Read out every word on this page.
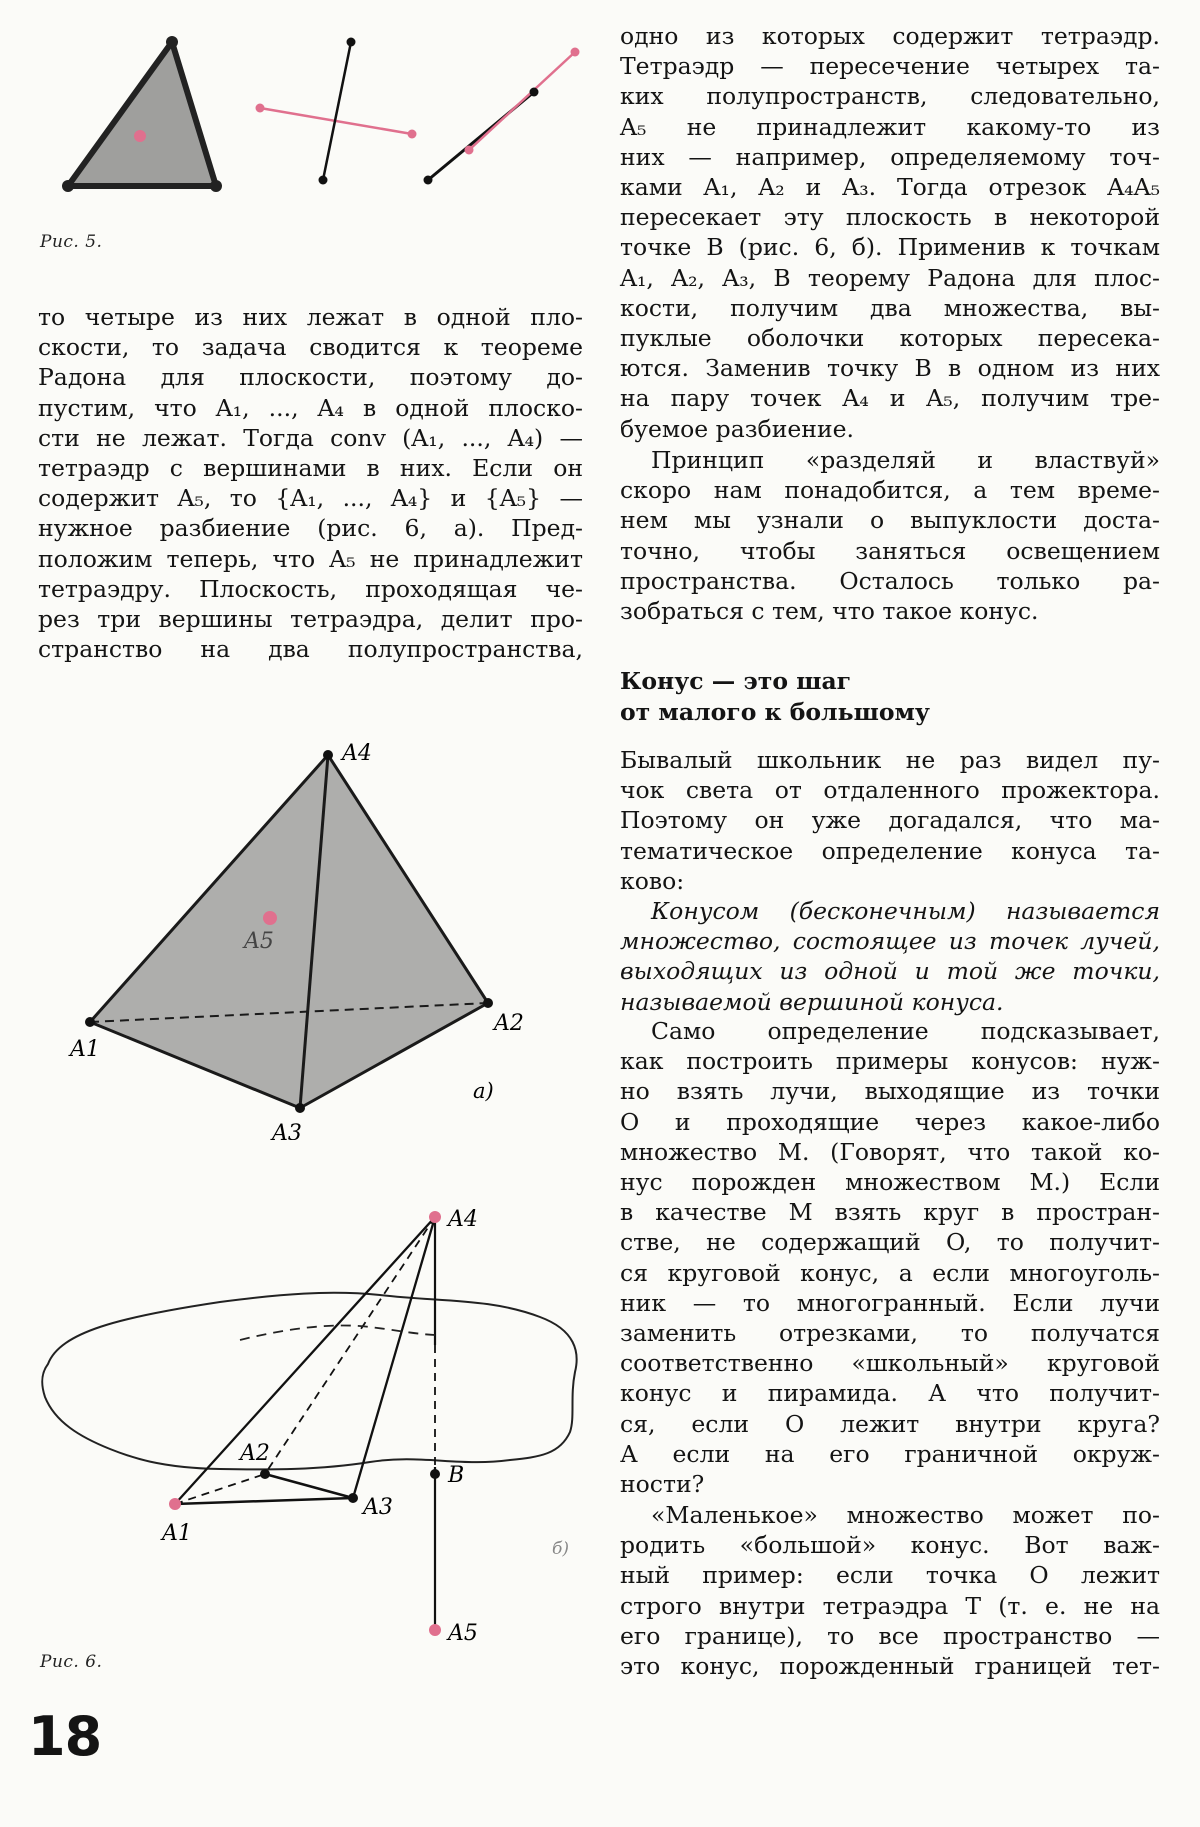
Рис. 5.

то четыре из них лежат в одной пло-
скости, то задача сводится к теореме
Радона для плоскости, поэтому до-
пустим, что A₁, ..., A₄ в одной плоско-
сти не лежат. Тогда conv (A₁, ..., A₄) —
тетраэдр с вершинами в них. Если он
содержит A₅, то {A₁, ..., A₄} и {A₅} —
нужное разбиение (рис. 6, а). Пред-
положим теперь, что A₅ не принадлежит
тетраэдру. Плоскость, проходящая че-
рез три вершины тетраэдра, делит про-
странство на два полупространства,

A4
A5
A1
A2
A3
а)
A4
A2
B
A1
A3
A5
б)
Рис. 6.
18

одно из которых содержит тетраэдр.
Тетраэдр — пересечение четырех та-
ких полупространств, следовательно,
A₅ не принадлежит какому-то из
них — например, определяемому точ-
ками A₁, A₂ и A₃. Тогда отрезок A₄A₅
пересекает эту плоскость в некоторой
точке B (рис. 6, б). Применив к точкам
A₁, A₂, A₃, B теорему Радона для плос-
кости, получим два множества, вы-
пуклые оболочки которых пересека-
ются. Заменив точку B в одном из них
на пару точек A₄ и A₅, получим тре-
буемое разбиение.

Принцип «разделяй и властвуй»
скоро нам понадобится, а тем време-
нем мы узнали о выпуклости доста-
точно, чтобы заняться освещением
пространства. Осталось только ра-
зобраться с тем, что такое конус.

Конус — это шаг
от малого к большому

Бывалый школьник не раз видел пу-
чок света от отдаленного прожектора.
Поэтому он уже догадался, что ма-
тематическое определение конуса та-
ково:

Конусом (бесконечным) называется
множество, состоящее из точек лучей,
выходящих из одной и той же точки,
называемой вершиной конуса.

Само определение подсказывает,
как построить примеры конусов: нуж-
но взять лучи, выходящие из точки
O и проходящие через какое-либо
множество M. (Говорят, что такой ко-
нус порожден множеством M.) Если
в качестве M взять круг в простран-
стве, не содержащий O, то получит-
ся круговой конус, а если многоуголь-
ник — то многогранный. Если лучи
заменить отрезками, то получатся
соответственно «школьный» круговой
конус и пирамида. А что получит-
ся, если O лежит внутри круга?
А если на его граничной окруж-
ности?

«Маленькое» множество может по-
родить «большой» конус. Вот важ-
ный пример: если точка O лежит
строго внутри тетраэдра T (т. е. не на
его границе), то все пространство —
это конус, порожденный границей тет-
